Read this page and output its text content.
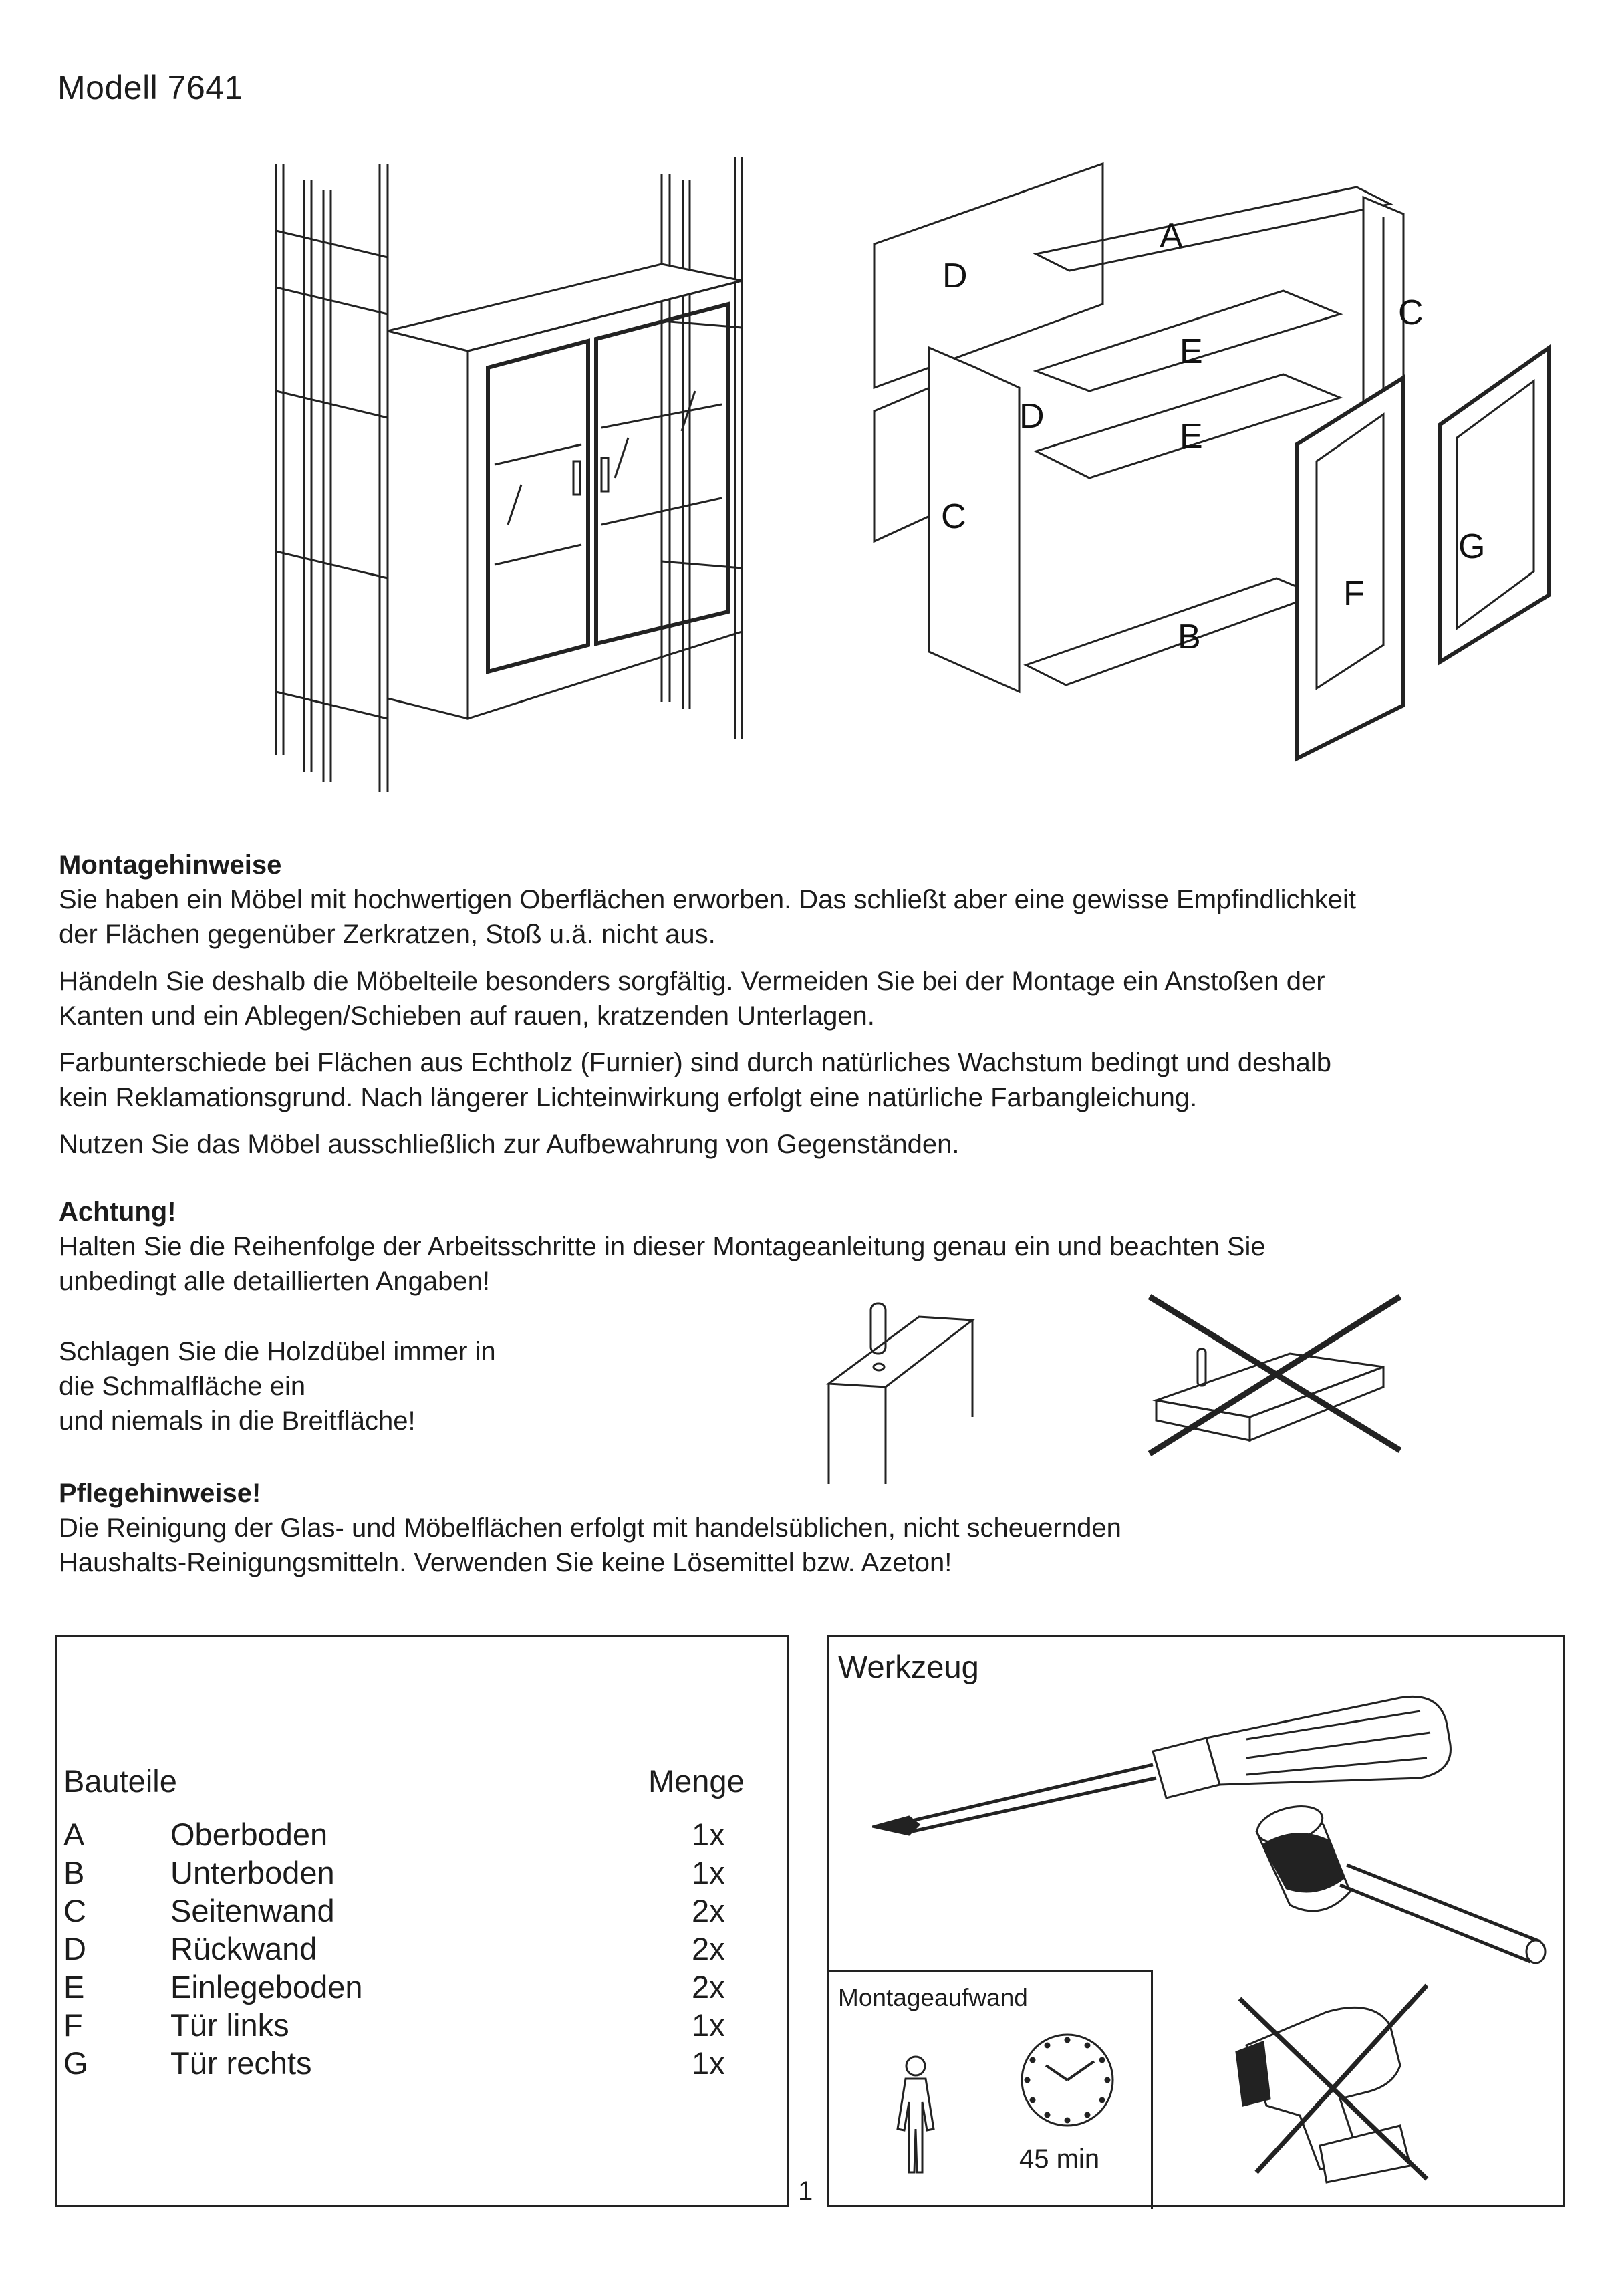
Modell 7641
D
A
C
E
D
E
C
G
F
B
Montagehinweise

Sie haben ein Möbel mit hochwertigen Oberflächen erworben. Das schließt aber eine gewisse Empfindlichkeit
der Flächen gegenüber Zerkratzen, Stoß u.ä. nicht aus.

Händeln Sie deshalb die Möbelteile besonders sorgfältig. Vermeiden Sie bei der Montage ein Anstoßen der
Kanten und ein Ablegen/Schieben auf rauen, kratzenden Unterlagen.

Farbunterschiede bei Flächen aus Echtholz (Furnier) sind durch natürliches Wachstum bedingt und deshalb
kein Reklamationsgrund. Nach längerer Lichteinwirkung erfolgt eine natürliche Farbangleichung.

Nutzen Sie das Möbel ausschließlich zur Aufbewahrung von Gegenständen.

Achtung!

Halten Sie die Reihenfolge der Arbeitsschritte in dieser Montageanleitung genau ein und beachten Sie
unbedingt alle detaillierten Angaben!

Schlagen Sie die Holzdübel immer in
die Schmalfläche ein
und niemals in die Breitfläche!

Pflegehinweise!

Die Reinigung der Glas- und Möbelflächen erfolgt mit handelsüblichen, nicht scheuernden
Haushalts-Reinigungsmitteln. Verwenden Sie keine Lösemittel bzw. Azeton!

Bauteile	Menge
A	Oberboden	1x
B	Unterboden	1x
C	Seitenwand	2x
D	Rückwand	2x
E	Einlegeboden	2x
F	Tür links	1x
G	Tür rechts	1x
Werkzeug
Montageaufwand
45 min
1
